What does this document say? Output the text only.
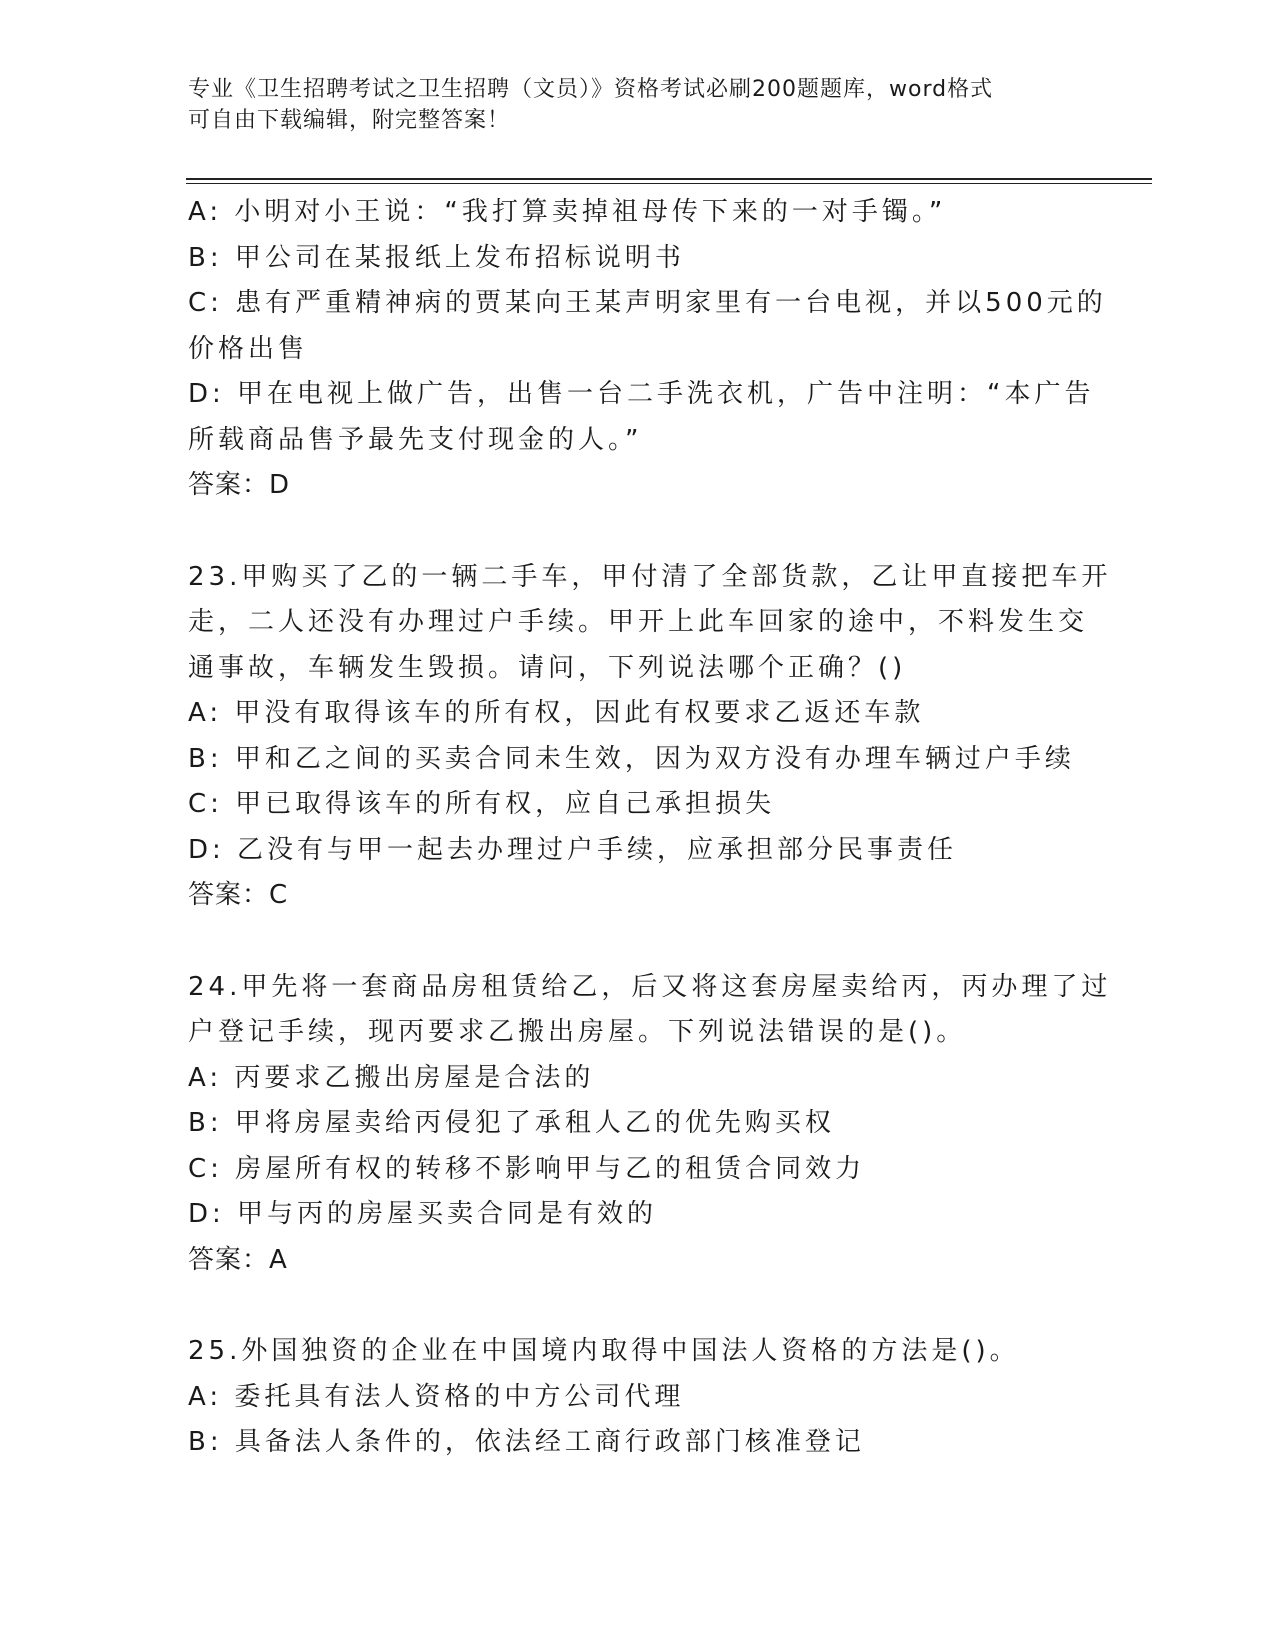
专业《卫生招聘考试之卫生招聘（文员）》资格考试必刷200题题库，word格式
可自由下载编辑，附完整答案！
A: 小明对小王说：“我打算卖掉祖母传下来的一对手镯。”
B: 甲公司在某报纸上发布招标说明书
C: 患有严重精神病的贾某向王某声明家里有一台电视，并以500元的
价格出售
D: 甲在电视上做广告，出售一台二手洗衣机，广告中注明：“本广告
所载商品售予最先支付现金的人。”
答案：D
23.甲购买了乙的一辆二手车，甲付清了全部货款，乙让甲直接把车开
走，二人还没有办理过户手续。甲开上此车回家的途中，不料发生交
通事故，车辆发生毁损。请问，下列说法哪个正确？()
A: 甲没有取得该车的所有权，因此有权要求乙返还车款
B: 甲和乙之间的买卖合同未生效，因为双方没有办理车辆过户手续
C: 甲已取得该车的所有权，应自己承担损失
D: 乙没有与甲一起去办理过户手续，应承担部分民事责任
答案：C
24.甲先将一套商品房租赁给乙，后又将这套房屋卖给丙，丙办理了过
户登记手续，现丙要求乙搬出房屋。下列说法错误的是()。
A: 丙要求乙搬出房屋是合法的
B: 甲将房屋卖给丙侵犯了承租人乙的优先购买权
C: 房屋所有权的转移不影响甲与乙的租赁合同效力
D: 甲与丙的房屋买卖合同是有效的
答案：A
25.外国独资的企业在中国境内取得中国法人资格的方法是()。
A: 委托具有法人资格的中方公司代理
B: 具备法人条件的，依法经工商行政部门核准登记
